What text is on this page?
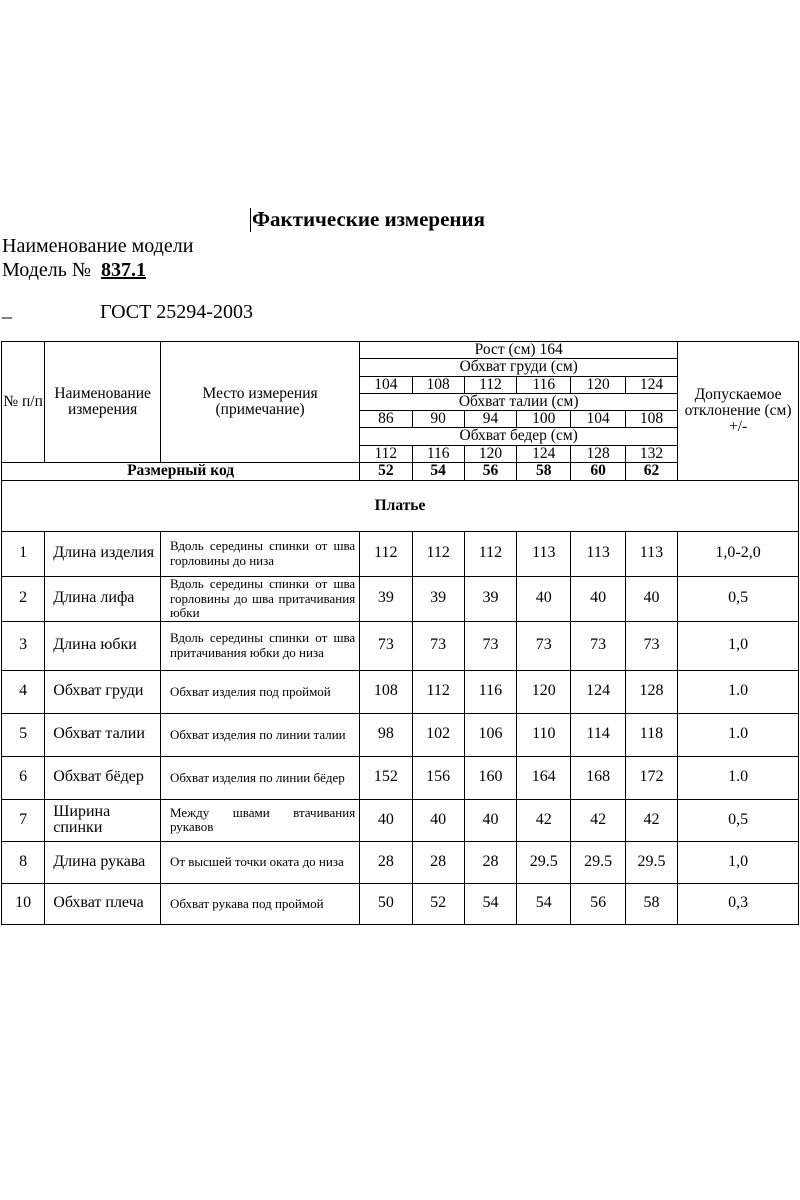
Фактические измерения
Наименование модели
Модель № 837.1
_	ГОСТ 25294-2003
№ п/п	Наименование измерения	Место измерения (примечание)	Рост (см) 164						Допускаемое отклонение (см) +/-
			Обхват груди (см)						
			104	108	112	116	120	124	
			Обхват талии (см)						
			86	90	94	100	104	108	
			Обхват бедер (см)						
			112	116	120	124	128	132	
Размерный код			52	54	56	58	60	62	
Платье									
1	Длина изделия	Вдоль середины спинки от шва горловины до низа	112	112	112	113	113	113	1,0-2,0
2	Длина лифа	Вдоль середины спинки от шва горловины до шва притачивания юбки	39	39	39	40	40	40	0,5
3	Длина юбки	Вдоль середины спинки от шва притачивания юбки до низа	73	73	73	73	73	73	1,0
4	Обхват груди	Обхват изделия под проймой	108	112	116	120	124	128	1.0
5	Обхват талии	Обхват изделия по линии талии	98	102	106	110	114	118	1.0
6	Обхват бёдер	Обхват изделия по линии бёдер	152	156	160	164	168	172	1.0
7	Ширина спинки	Между швами втачивания рукавов	40	40	40	42	42	42	0,5
8	Длина рукава	От высшей точки оката до низа	28	28	28	29.5	29.5	29.5	1,0
10	Обхват плеча	Обхват рукава под проймой	50	52	54	54	56	58	0,3
